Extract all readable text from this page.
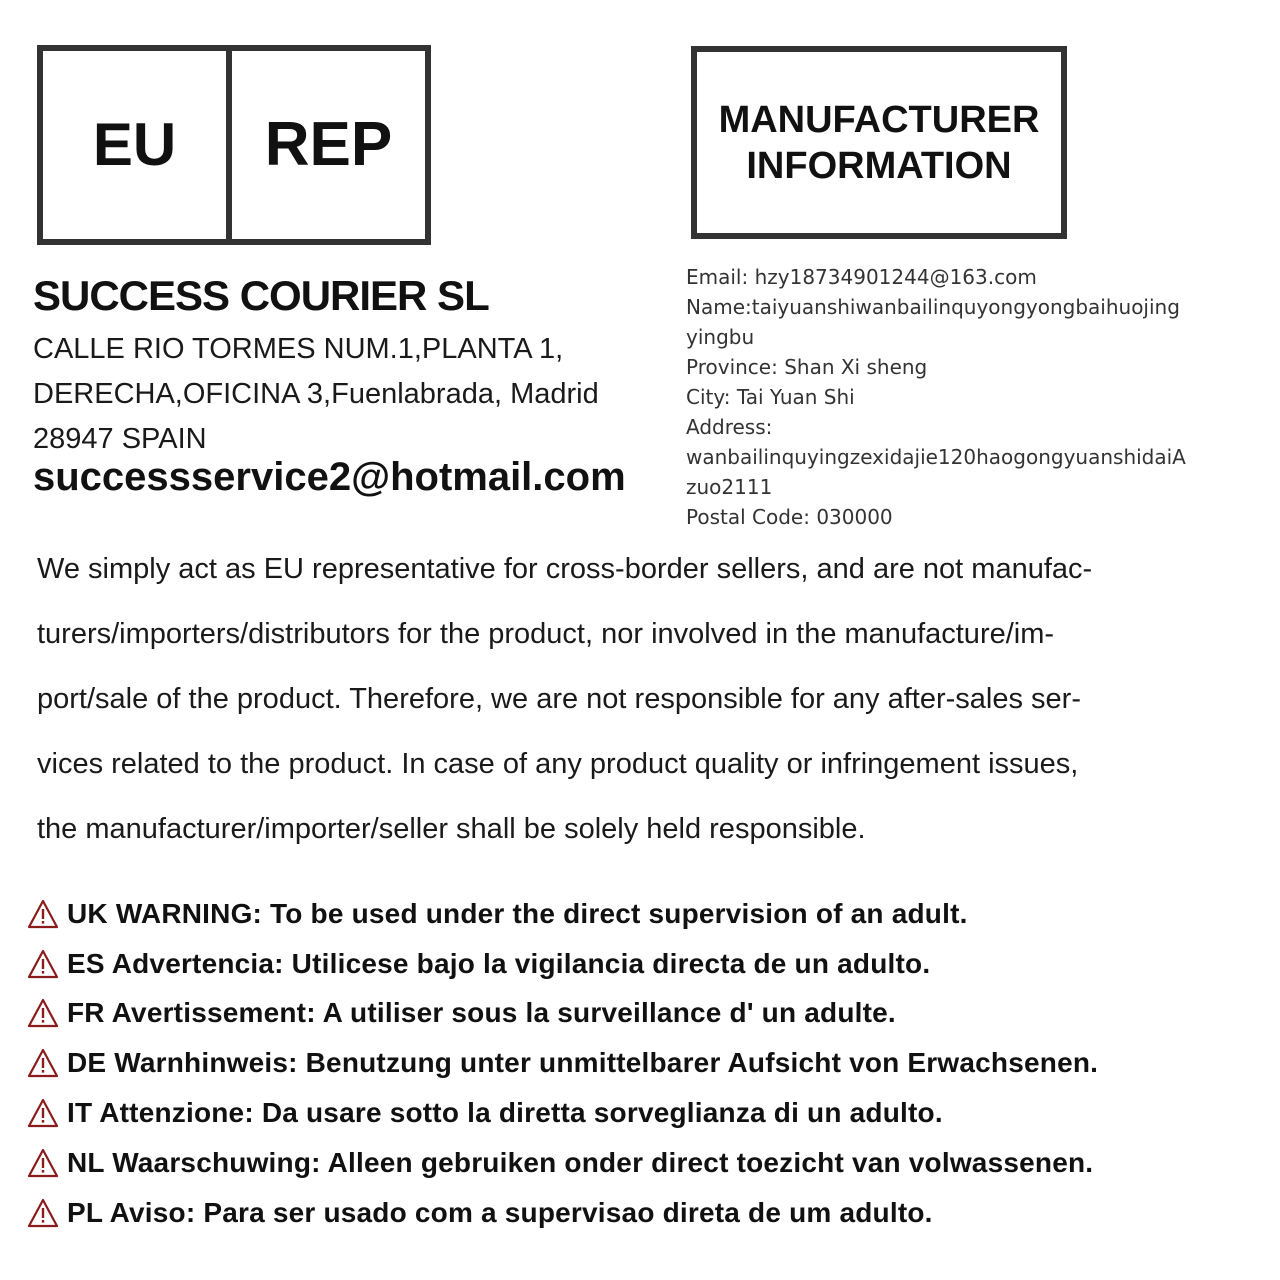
EU	REP	MANUFACTURER
INFORMATION
SUCCESS COURIER SL
CALLE RIO TORMES NUM.1,PLANTA 1,
DERECHA,OFICINA 3,Fuenlabrada, Madrid
28947 SPAIN
successservice2@hotmail.com
Email: hzy18734901244@163.com
Name:taiyuanshiwanbailinquyongyongbaihuojing
yingbu
Province: Shan Xi sheng
City: Tai Yuan Shi
Address:
wanbailinquyingzexidajie120haogongyuanshidaiA
zuo2111
Postal Code: 030000
We simply act as EU representative for cross-border sellers, and are not manufac-
turers/importers/distributors for the product, nor involved in the manufacture/im-
port/sale of the product. Therefore, we are not responsible for any after-sales ser-
vices related to the product. In case of any product quality or infringement issues,
the manufacturer/importer/seller shall be solely held responsible.
UK WARNING: To be used under the direct supervision of an adult.
ES Advertencia: Utilicese bajo la vigilancia directa de un adulto.
FR Avertissement: A utiliser sous la surveillance d' un adulte.
DE Warnhinweis: Benutzung unter unmittelbarer Aufsicht von Erwachsenen.
IT Attenzione: Da usare sotto la diretta sorveglianza di un adulto.
NL Waarschuwing: Alleen gebruiken onder direct toezicht van volwassenen.
PL Aviso: Para ser usado com a supervisao direta de um adulto.
